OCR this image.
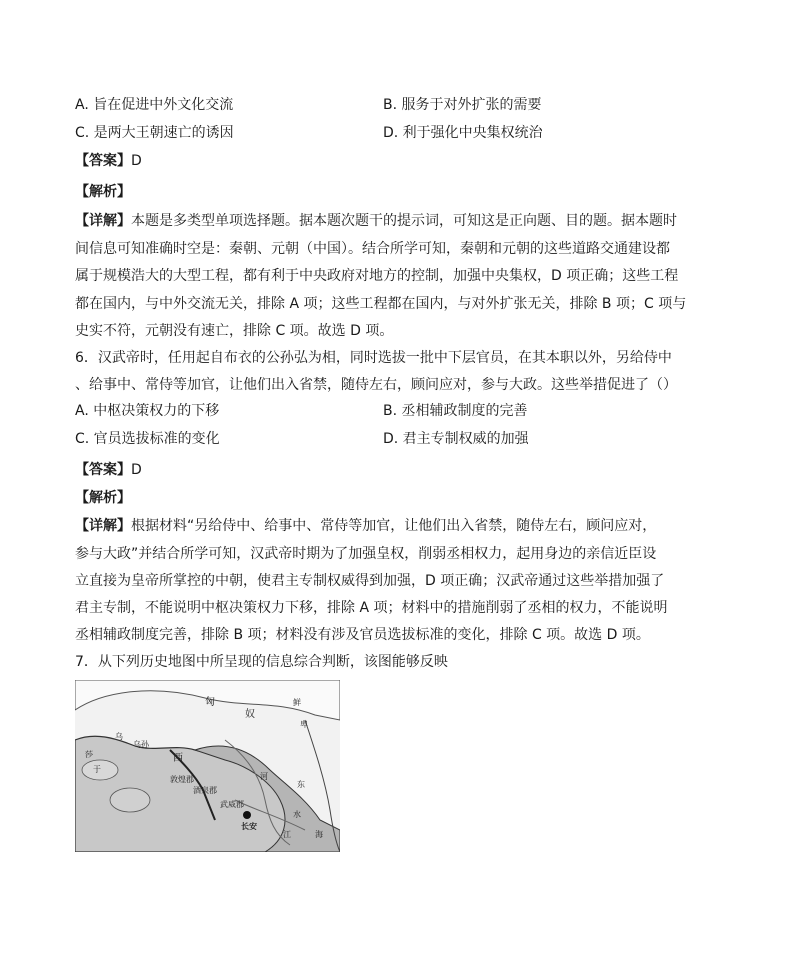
A. 旨在促进中外文化交流	B. 服务于对外扩张的需要
C. 是两大王朝速亡的诱因	D. 利于强化中央集权统治
【答案】D
【解析】
【详解】本题是多类型单项选择题。据本题次题干的提示词，可知这是正向题、目的题。据本题时
间信息可知准确时空是：秦朝、元朝（中国）。结合所学可知，秦朝和元朝的这些道路交通建设都
属于规模浩大的大型工程，都有利于中央政府对地方的控制，加强中央集权，D 项正确；这些工程
都在国内，与中外交流无关，排除 A 项；这些工程都在国内，与对外扩张无关，排除 B 项；C 项与
史实不符，元朝没有速亡，排除 C 项。故选 D 项。
6．汉武帝时，任用起自布衣的公孙弘为相，同时选拔一批中下层官员，在其本职以外，另给侍中
、给事中、常侍等加官，让他们出入省禁，随侍左右，顾问应对，参与大政。这些举措促进了（）
A. 中枢决策权力的下移	B. 丞相辅政制度的完善
C. 官员选拔标准的变化	D. 君主专制权威的加强
【答案】D
【解析】
【详解】根据材料“另给侍中、给事中、常侍等加官，让他们出入省禁，随侍左右，顾问应对，
参与大政”并结合所学可知，汉武帝时期为了加强皇权，削弱丞相权力，起用身边的亲信近臣设
立直接为皇帝所掌控的中朝，使君主专制权威得到加强，D 项正确；汉武帝通过这些举措加强了
君主专制，不能说明中枢决策权力下移，排除 A 项；材料中的措施削弱了丞相的权力，不能说明
丞相辅政制度完善，排除 B 项；材料没有涉及官员选拔标准的变化，排除 C 项。故选 D 项。
7．从下列历史地图中所呈现的信息综合判断，该图能够反映
匈
奴
鲜
卑
乌
乌孙
西
敦煌郡
酒泉郡
武威郡
长安
河
东
海
江
水
于
莎
